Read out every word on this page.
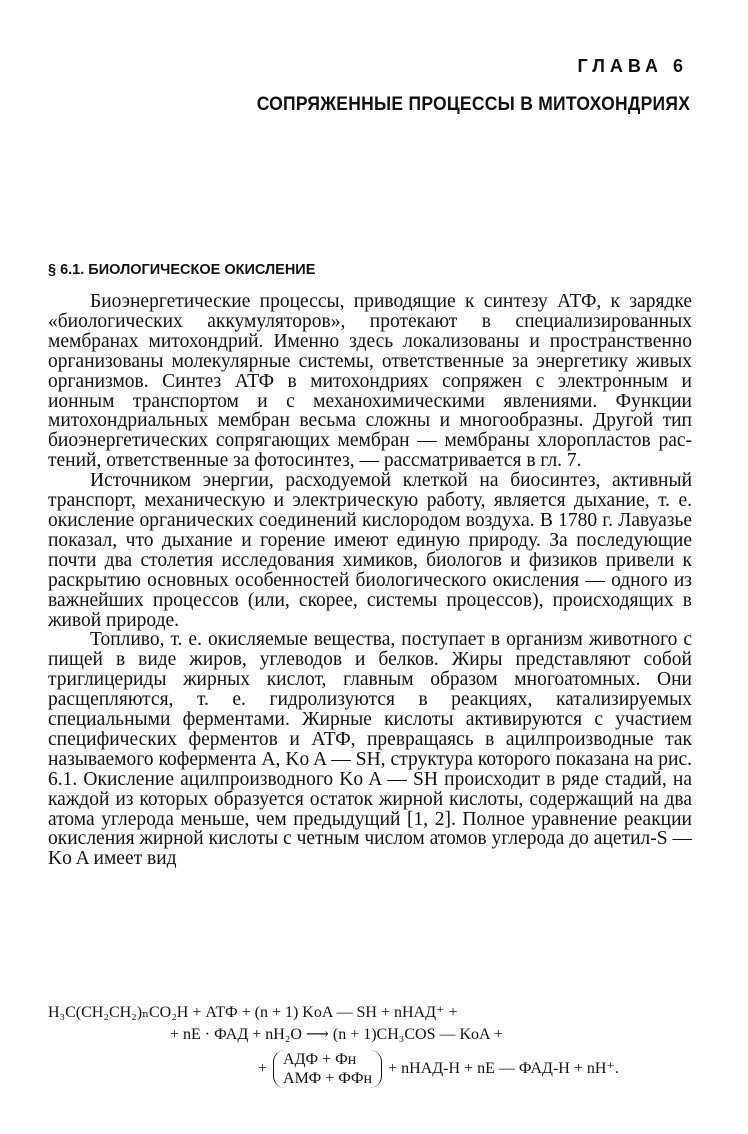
ГЛАВА 6
СОПРЯЖЕННЫЕ ПРОЦЕССЫ В МИТОХОНДРИЯХ
§ 6.1. БИОЛОГИЧЕСКОЕ ОКИСЛЕНИЕ

Биоэнергетические процессы, приводящие к синтезу АТФ, к зарядке «биологических аккумуляторов», протекают в специализированных мембранах митохондрий. Именно здесь локализованы и пространственно организованы молекулярные системы, ответственные за энергетику живых организмов. Синтез АТФ в митохондриях сопряжен с электронным и ионным транспортом и с механохимическими явлениями. Функции митохондриальных мембран весьма сложны и многообразны. Другой тип биоэнергетических сопрягающих мембран — мембраны хлоропластов растений, ответственные за фотосинтез, — рассматривается в гл. 7.

Источником энергии, расходуемой клеткой на биосинтез, активный транспорт, механическую и электрическую работу, является дыхание, т. е. окисление органических соединений кислородом воздуха. В 1780 г. Лавуазье показал, что дыхание и горение имеют единую природу. За последующие почти два столетия исследования химиков, биологов и физиков привели к раскрытию основных особенностей биологического окисления — одного из важнейших процессов (или, скорее, системы процессов), происходящих в живой природе.

Топливо, т. е. окисляемые вещества, поступает в организм животного с пищей в виде жиров, углеводов и белков. Жиры представляют собой триглицериды жирных кислот, главным образом многоатомных. Они расщепляются, т. е. гидролизуются в реакциях, катализируемых специальными ферментами. Жирные кислоты активируются с участием специфических ферментов и АТФ, превращаясь в ацилпроизводные так называемого кофермента A, Ko A — SH, структура которого показана на рис. 6.1. Окисление ацилпроизводного Ko A — SH происходит в ряде стадий, на каждой из которых образуется остаток жирной кислоты, содержащий на два атома углерода меньше, чем предыдущий [1, 2]. Полное уравнение реакции окисления жирной кислоты с четным числом атомов углерода до ацетил-S — Ko A имеет вид

H₃C(CH₂CH₂)ₙCO₂H + АТФ + (n + 1) KoA — SH + nНАД⁺ +
+ nE · ФАД + nH₂O ⟶ (n + 1)CH₃COS — KoA +
+
АДФ + Фн
АМФ + ФФн
+ nНАД-H + nE — ФАД-H + nH⁺.
